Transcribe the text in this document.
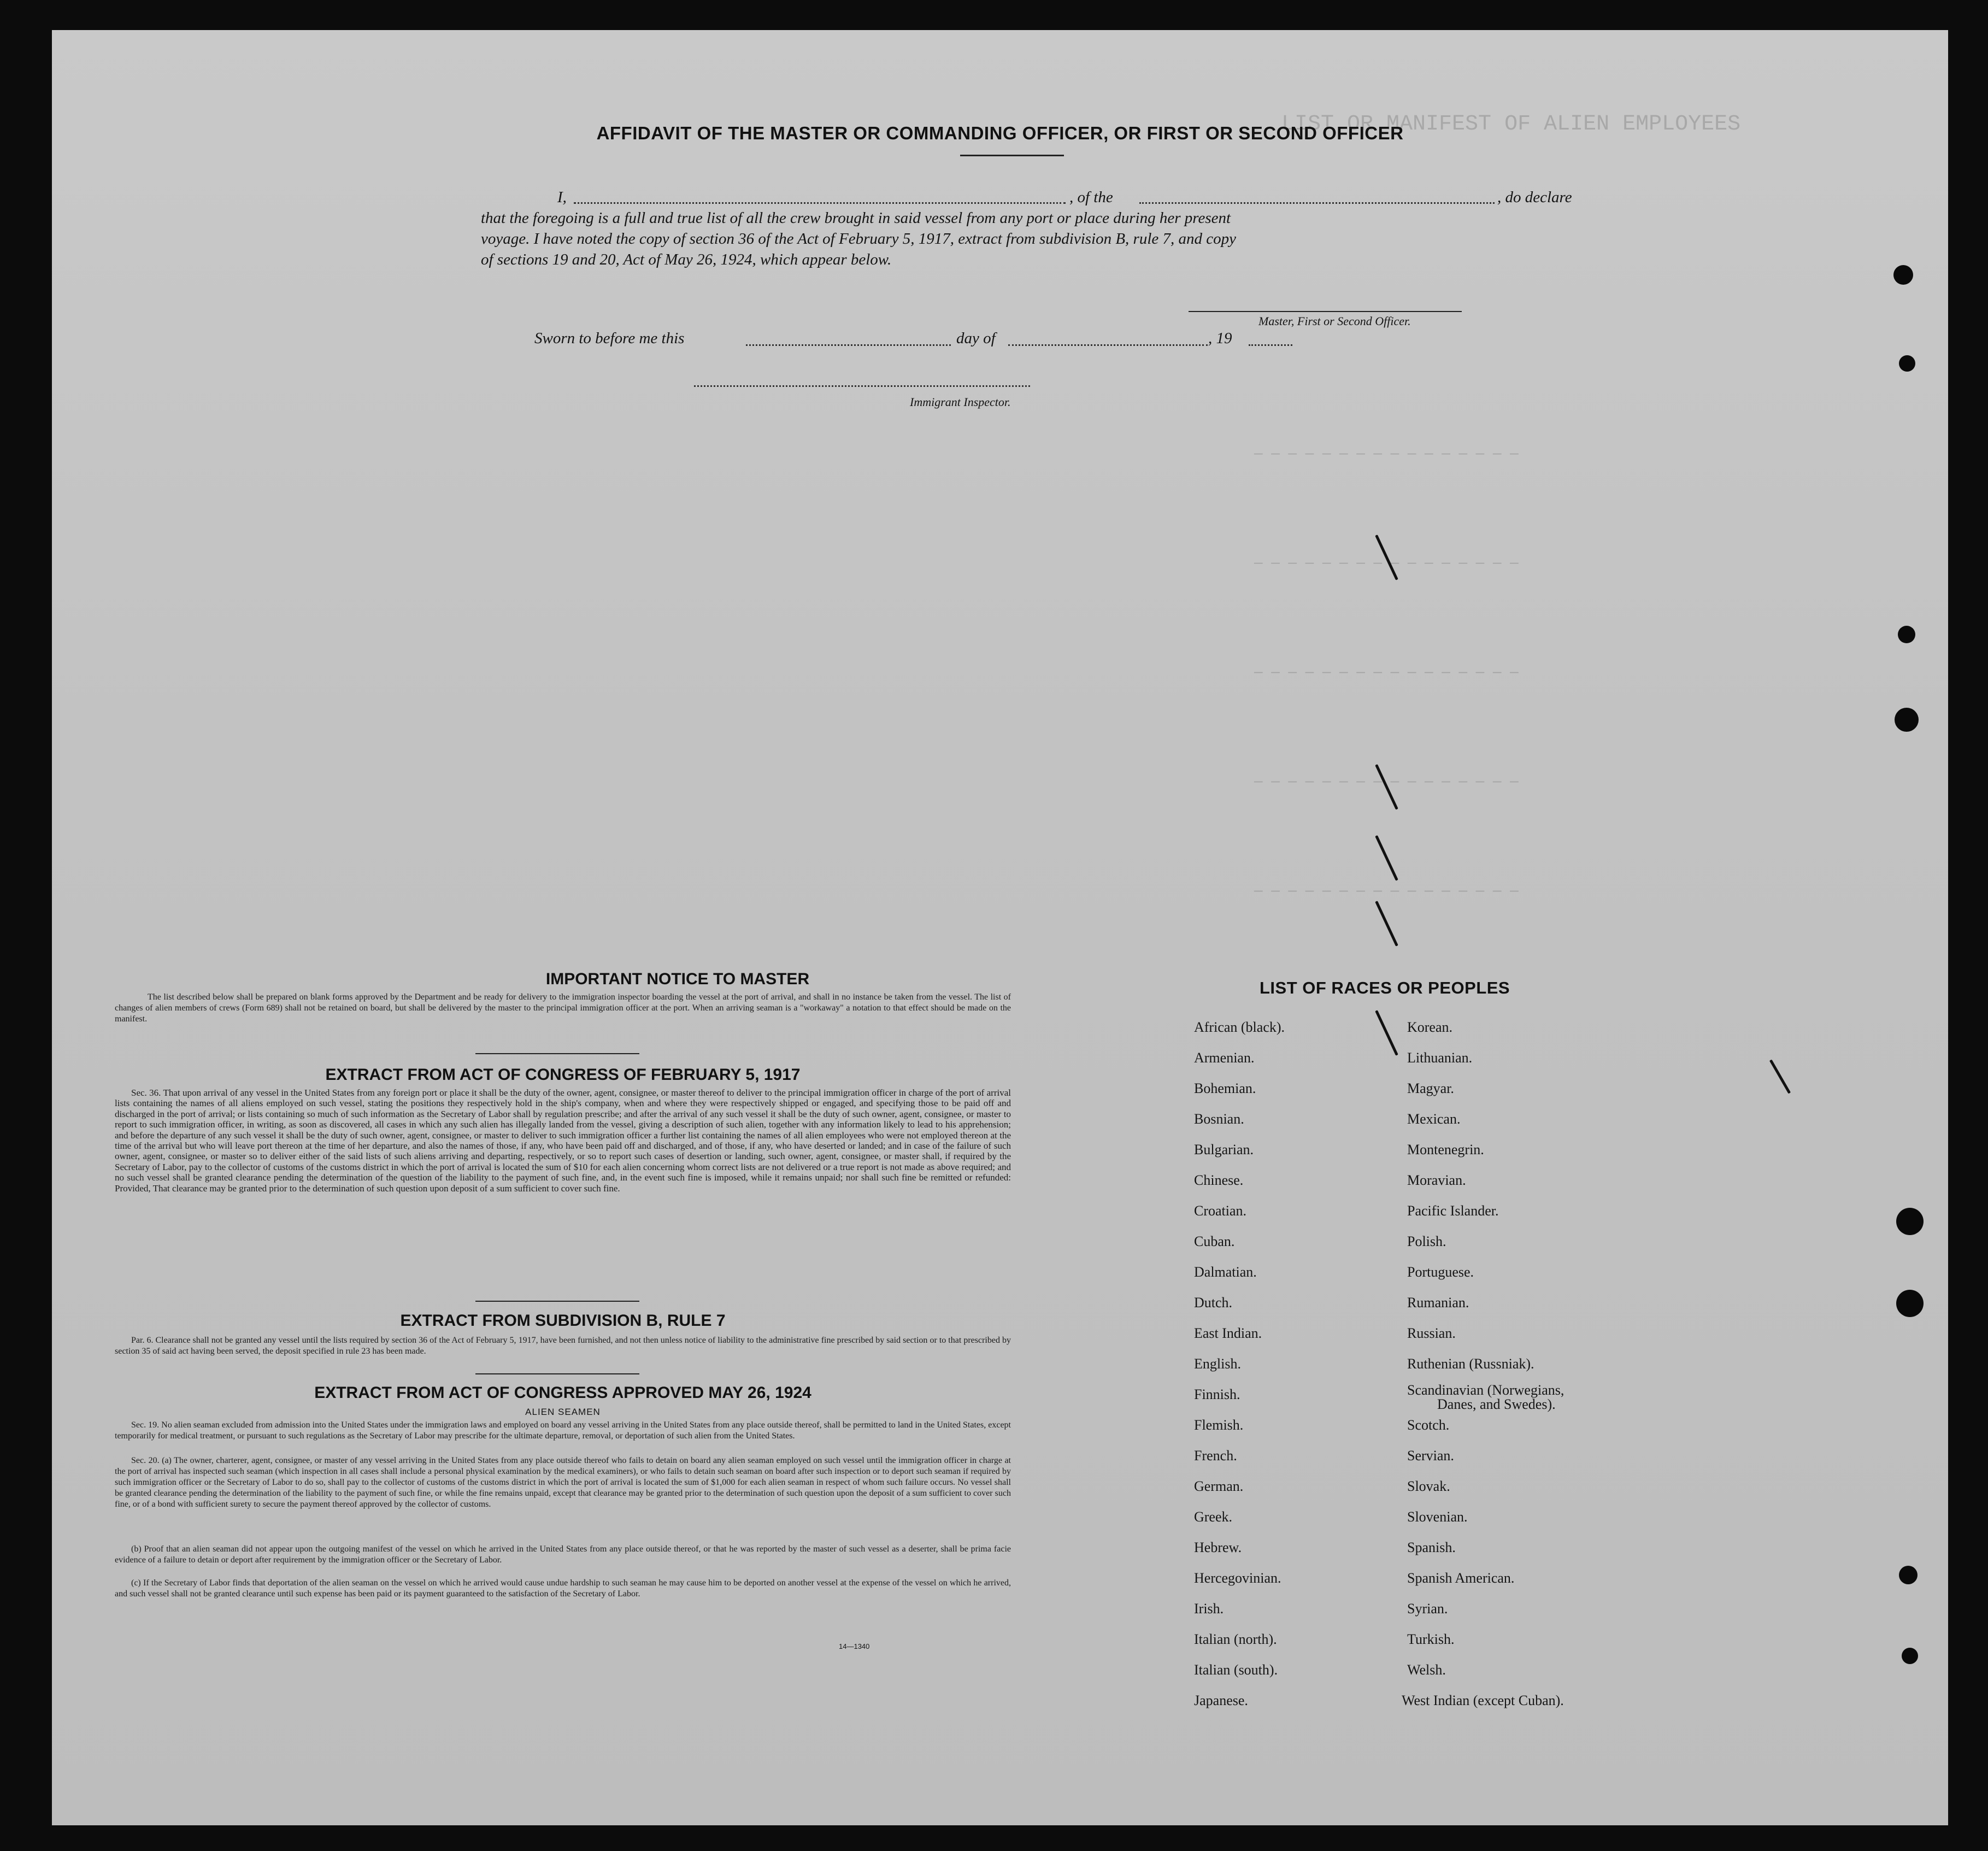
LIST OR MANIFEST OF ALIEN EMPLOYEES
— — — — — — — — — — — — — — — —
— — — — — — — — — — — — — — — —
— — — — — — — — — — — — — — — —
— — — — — — — — — — — — — — — —
— — — — — — — — — — — — — — — —
AFFIDAVIT OF THE MASTER OR COMMANDING OFFICER, OR FIRST OR SECOND OFFICER
I,	, of the	, do declare
that the foregoing is a full and true list of all the crew brought in said vessel from any port or place during her present
voyage. I have noted the copy of section 36 of the Act of February 5, 1917, extract from subdivision B, rule 7, and copy
of sections 19 and 20, Act of May 26, 1924, which appear below.
Master, First or Second Officer.
Sworn to before me this	day of	, 19
Immigrant Inspector.
IMPORTANT NOTICE TO MASTER
The list described below shall be prepared on blank forms approved by the Department and be ready for delivery to the immigration inspector boarding the vessel at the port of arrival, and shall in no instance be taken from the vessel. The list of changes of alien members of crews (Form 689) shall not be retained on board, but shall be delivered by the master to the principal immigration officer at the port. When an arriving seaman is a "workaway" a notation to that effect should be made on the manifest.
EXTRACT FROM ACT OF CONGRESS OF FEBRUARY 5, 1917
Sec. 36. That upon arrival of any vessel in the United States from any foreign port or place it shall be the duty of the owner, agent, consignee, or master thereof to deliver to the principal immigration officer in charge of the port of arrival lists containing the names of all aliens employed on such vessel, stating the positions they respectively hold in the ship's company, when and where they were respectively shipped or engaged, and specifying those to be paid off and discharged in the port of arrival; or lists containing so much of such information as the Secretary of Labor shall by regulation prescribe; and after the arrival of any such vessel it shall be the duty of such owner, agent, consignee, or master to report to such immigration officer, in writing, as soon as discovered, all cases in which any such alien has illegally landed from the vessel, giving a description of such alien, together with any information likely to lead to his apprehension; and before the departure of any such vessel it shall be the duty of such owner, agent, consignee, or master to deliver to such immigration officer a further list containing the names of all alien employees who were not employed thereon at the time of the arrival but who will leave port thereon at the time of her departure, and also the names of those, if any, who have been paid off and discharged, and of those, if any, who have deserted or landed; and in case of the failure of such owner, agent, consignee, or master so to deliver either of the said lists of such aliens arriving and departing, respectively, or so to report such cases of desertion or landing, such owner, agent, consignee, or master shall, if required by the Secretary of Labor, pay to the collector of customs of the customs district in which the port of arrival is located the sum of $10 for each alien concerning whom correct lists are not delivered or a true report is not made as above required; and no such vessel shall be granted clearance pending the determination of the question of the liability to the payment of such fine, and, in the event such fine is imposed, while it remains unpaid; nor shall such fine be remitted or refunded: Provided, That clearance may be granted prior to the determination of such question upon deposit of a sum sufficient to cover such fine.
EXTRACT FROM SUBDIVISION B, RULE 7
Par. 6. Clearance shall not be granted any vessel until the lists required by section 36 of the Act of February 5, 1917, have been furnished, and not then unless notice of liability to the administrative fine prescribed by said section or to that prescribed by section 35 of said act having been served, the deposit specified in rule 23 has been made.
EXTRACT FROM ACT OF CONGRESS APPROVED MAY 26, 1924
ALIEN SEAMEN
Sec. 19. No alien seaman excluded from admission into the United States under the immigration laws and employed on board any vessel arriving in the United States from any place outside thereof, shall be permitted to land in the United States, except temporarily for medical treatment, or pursuant to such regulations as the Secretary of Labor may prescribe for the ultimate departure, removal, or deportation of such alien from the United States.
Sec. 20. (a) The owner, charterer, agent, consignee, or master of any vessel arriving in the United States from any place outside thereof who fails to detain on board any alien seaman employed on such vessel until the immigration officer in charge at the port of arrival has inspected such seaman (which inspection in all cases shall include a personal physical examination by the medical examiners), or who fails to detain such seaman on board after such inspection or to deport such seaman if required by such immigration officer or the Secretary of Labor to do so, shall pay to the collector of customs of the customs district in which the port of arrival is located the sum of $1,000 for each alien seaman in respect of whom such failure occurs. No vessel shall be granted clearance pending the determination of the liability to the payment of such fine, or while the fine remains unpaid, except that clearance may be granted prior to the determination of such question upon the deposit of a sum sufficient to cover such fine, or of a bond with sufficient surety to secure the payment thereof approved by the collector of customs.
(b) Proof that an alien seaman did not appear upon the outgoing manifest of the vessel on which he arrived in the United States from any place outside thereof, or that he was reported by the master of such vessel as a deserter, shall be prima facie evidence of a failure to detain or deport after requirement by the immigration officer or the Secretary of Labor.
(c) If the Secretary of Labor finds that deportation of the alien seaman on the vessel on which he arrived would cause undue hardship to such seaman he may cause him to be deported on another vessel at the expense of the vessel on which he arrived, and such vessel shall not be granted clearance until such expense has been paid or its payment guaranteed to the satisfaction of the Secretary of Labor.
14—1340
LIST OF RACES OR PEOPLES
African (black).
Armenian.
Bohemian.
Bosnian.
Bulgarian.
Chinese.
Croatian.
Cuban.
Dalmatian.
Dutch.
East Indian.
English.
Finnish.
Flemish.
French.
German.
Greek.
Hebrew.
Hercegovinian.
Irish.
Italian (north).
Italian (south).
Japanese.
Korean.
Lithuanian.
Magyar.
Mexican.
Montenegrin.
Moravian.
Pacific Islander.
Polish.
Portuguese.
Rumanian.
Russian.
Ruthenian (Russniak).
Scandinavian (Norwegians,
Danes, and Swedes).
Scotch.
Servian.
Slovak.
Slovenian.
Spanish.
Spanish American.
Syrian.
Turkish.
Welsh.
West Indian (except Cuban).
